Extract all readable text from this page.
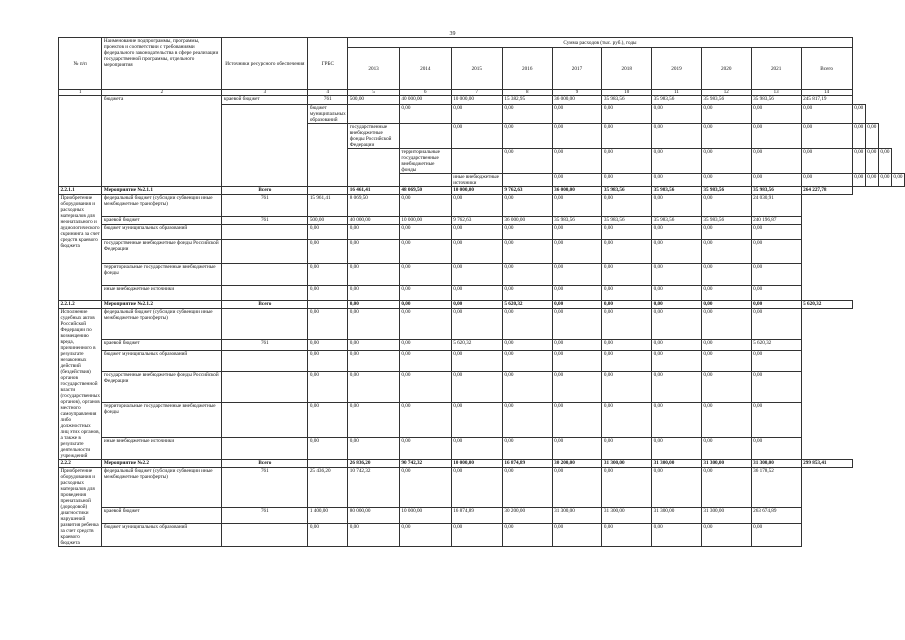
39
№ п/п	Наименование подпрограммы, программы, проектов и соответствии с требованиями федерального законодательства в сфере реализации государственной программы, отдельного мероприятия	Источники ресурсного обеспечения	ГРБС	Сумма расходов (тыс. руб.), годы													
				2013	2014	2015	2016	2017	2018	2019	2020	2021	Всего				
1	2	3	4	5	6	7	8	9	10	11	12	13	14				
	бюджета	краевой бюджет	761	500,00	40 000,00	10 000,00	15 382,95	36 000,00	35 983,56	35 983,56	35 983,56	35 983,56	245 817,19				
			бюджет муниципальных образований		0,00	0,00	0,00	0,00	0,00	0,00	0,00	0,00	0,00	0,00			
				государственные внебюджетные фонды Российской Федерации		0,00	0,00	0,00	0,00	0,00	0,00	0,00	0,00	0,00	0,00		
					территориальные государственные внебюджетные фонды		0,00	0,00	0,00	0,00	0,00	0,00	0,00	0,00	0,00	0,00	
						иные внебюджетные источники		0,00	0,00	0,00	0,00	0,00	0,00	0,00	0,00	0,00	0,00
2.2.1.1	Мероприятие №2.1.1	Всего		16 461,41	48 069,50	10 000,00	9 762,63	36 000,00	35 983,56	35 983,56	35 983,56	35 983,56	264 227,78				
Приобретение оборудования и расходных материалов для неонатального и аудиологического скрининга за счет средств краевого бюджета	федеральный бюджет (субсидии субвенции иные межбюджетные трансферты)	761	15 961,41	8 069,50	0,00	0,00	0,00	0,00	0,00	0,00	0,00	24 030,91					
	краевой бюджет	761	500,00	40 000,00	10 000,00	9 762,63	36 000,00	35 983,56	35 983,56	35 983,56	35 983,56	240 196,87					
	бюджет муниципальных образований		0,00	0,00	0,00	0,00	0,00	0,00	0,00	0,00	0,00	0,00					
	государственные внебюджетные фонды Российской Федерации		0,00	0,00	0,00	0,00	0,00	0,00	0,00	0,00	0,00	0,00					
	территориальные государственные внебюджетные фонды		0,00	0,00	0,00	0,00	0,00	0,00	0,00	0,00	0,00	0,00					
	иные внебюджетные источники		0,00	0,00	0,00	0,00	0,00	0,00	0,00	0,00	0,00	0,00					
2.2.1.2	Мероприятие №2.1.2	Всего		0,00	0,00	0,00	5 620,32	0,00	0,00	0,00	0,00	0,00	5 620,32				
Исполнение судебных актов Российской Федерации по возмещению вреда, причиненного в результате незаконных действий (бездействия) органов государственной власти (государственных органов), органов местного самоуправления либо должностных лиц этих органов, а также в результате деятельности учреждений	федеральный бюджет (субсидии субвенции иные межбюджетные трансферты)		0,00	0,00	0,00	0,00	0,00	0,00	0,00	0,00	0,00	0,00					
	краевой бюджет	761	0,00	0,00	0,00	5 620,32	0,00	0,00	0,00	0,00	0,00	5 620,32					
	бюджет муниципальных образований		0,00	0,00	0,00	0,00	0,00	0,00	0,00	0,00	0,00	0,00					
	государственные внебюджетные фонды Российской Федерации		0,00	0,00	0,00	0,00	0,00	0,00	0,00	0,00	0,00	0,00					
	территориальные государственные внебюджетные фонды		0,00	0,00	0,00	0,00	0,00	0,00	0,00	0,00	0,00	0,00					
	иные внебюджетные источники		0,00	0,00	0,00	0,00	0,00	0,00	0,00	0,00	0,00	0,00					
2.2.2	Мероприятие №2.2	Всего		26 836,20	90 742,32	10 000,00	16 874,89	30 200,00	31 300,00	31 300,00	31 300,00	31 300,00	299 853,41				
Приобретение оборудования и расходных материалов для проведения пренатальной (дородовой) диагностики нарушений развития ребенка за счет средств краевого бюджета	федеральный бюджет (субсидии субвенции иные межбюджетные трансферты)	761	25 436,20	10 742,32	0,00	0,00	0,00	0,00	0,00	0,00	0,00	36 178,52					
	краевой бюджет	761	1 400,00	80 000,00	10 000,00	16 874,89	30 200,00	31 300,00	31 300,00	31 300,00	31 300,00	263 674,89					
	бюджет муниципальных образований		0,00	0,00	0,00	0,00	0,00	0,00	0,00	0,00	0,00	0,00					
